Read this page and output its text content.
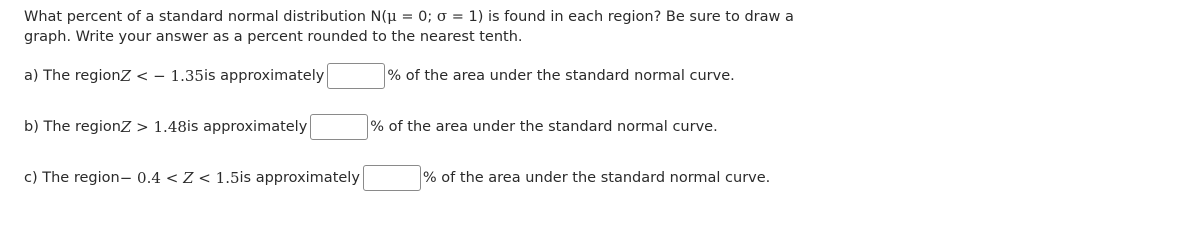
What percent of a standard normal distribution N(μ = 0; σ = 1) is found in each region? Be sure to draw a
graph. Write your answer as a percent rounded to the nearest tenth.
a) The region Z < − 1.35 is approximately	% of the area under the standard normal curve.
b) The region Z > 1.48 is approximately	% of the area under the standard normal curve.
c) The region − 0.4 < Z < 1.5 is approximately	% of the area under the standard normal curve.
